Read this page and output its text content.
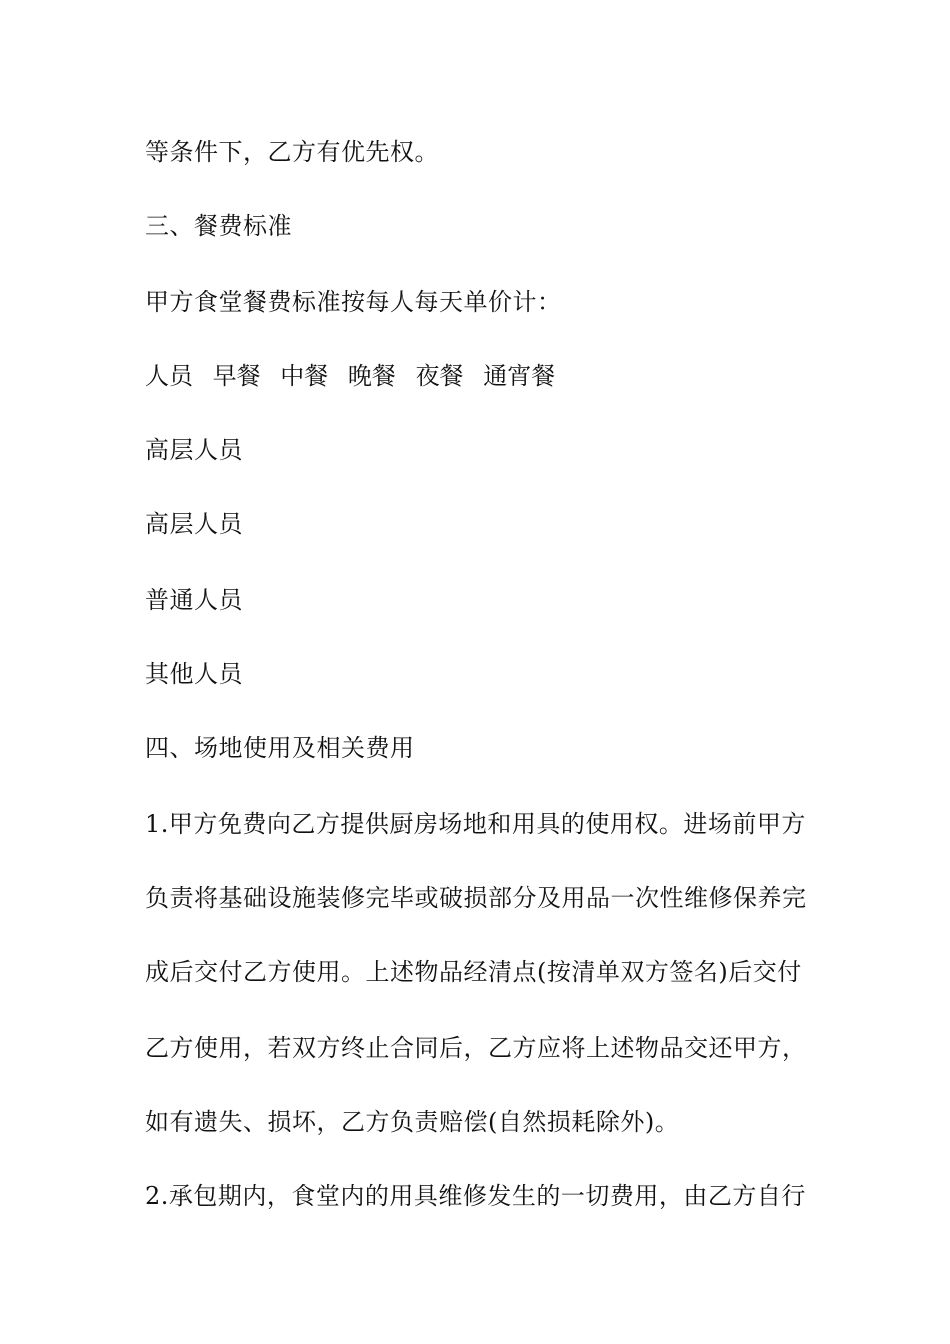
等条件下，乙方有优先权。
三、餐费标准
甲方食堂餐费标准按每人每天单价计：
人员 早餐 中餐 晚餐 夜餐 通宵餐
高层人员
高层人员
普通人员
其他人员
四、场地使用及相关费用
1.甲方免费向乙方提供厨房场地和用具的使用权。进场前甲方
负责将基础设施装修完毕或破损部分及用品一次性维修保养完
成后交付乙方使用。上述物品经清点(按清单双方签名)后交付
乙方使用，若双方终止合同后，乙方应将上述物品交还甲方，
如有遗失、损坏，乙方负责赔偿(自然损耗除外)。
2.承包期内，食堂内的用具维修发生的一切费用，由乙方自行
